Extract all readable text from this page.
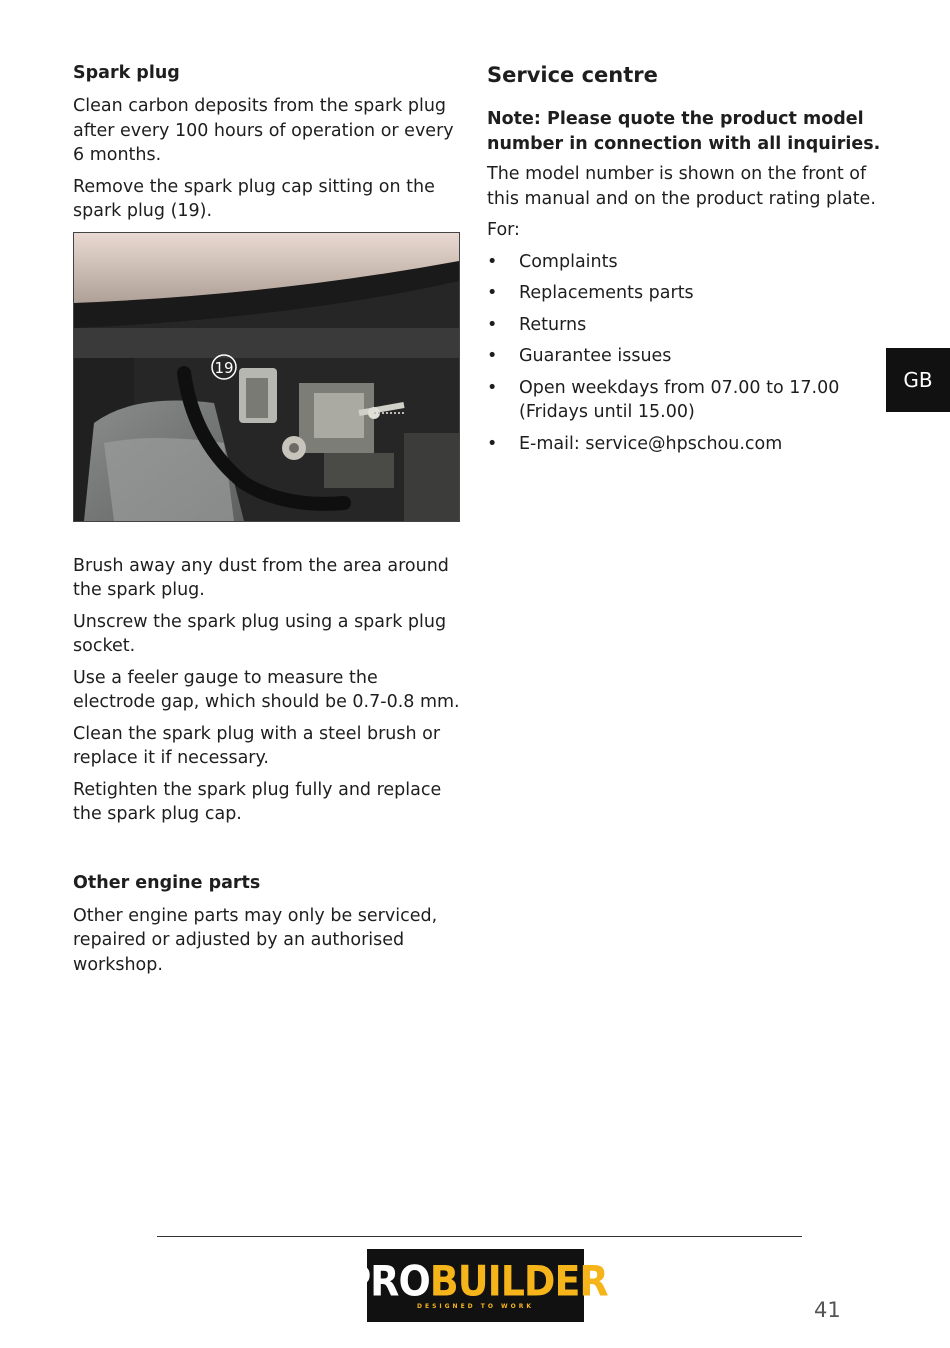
Spark plug

Clean carbon deposits from the spark plug after every 100 hours of operation or every 6 months.

Remove the spark plug cap sitting on the spark plug (19).

19

Brush away any dust from the area around the spark plug.

Unscrew the spark plug using a spark plug socket.

Use a feeler gauge to measure the electrode gap, which should be 0.7-0.8 mm.

Clean the spark plug with a steel brush or replace it if necessary.

Retighten the spark plug fully and replace the spark plug cap.

Other engine parts

Other engine parts may only be serviced, repaired or adjusted by an authorised workshop.

Service centre

Note: Please quote the product model number in connection with all inquiries.

The model number is shown on the front of this manual and on the product rating plate.

For:

• Complaints
• Replacements parts
• Returns
• Guarantee issues
• Open weekdays from 07.00 to 17.00 (Fridays until 15.00)
• E-mail: service@hpschou.com
GB
PROBUILDER
DESIGNED TO WORK	41
